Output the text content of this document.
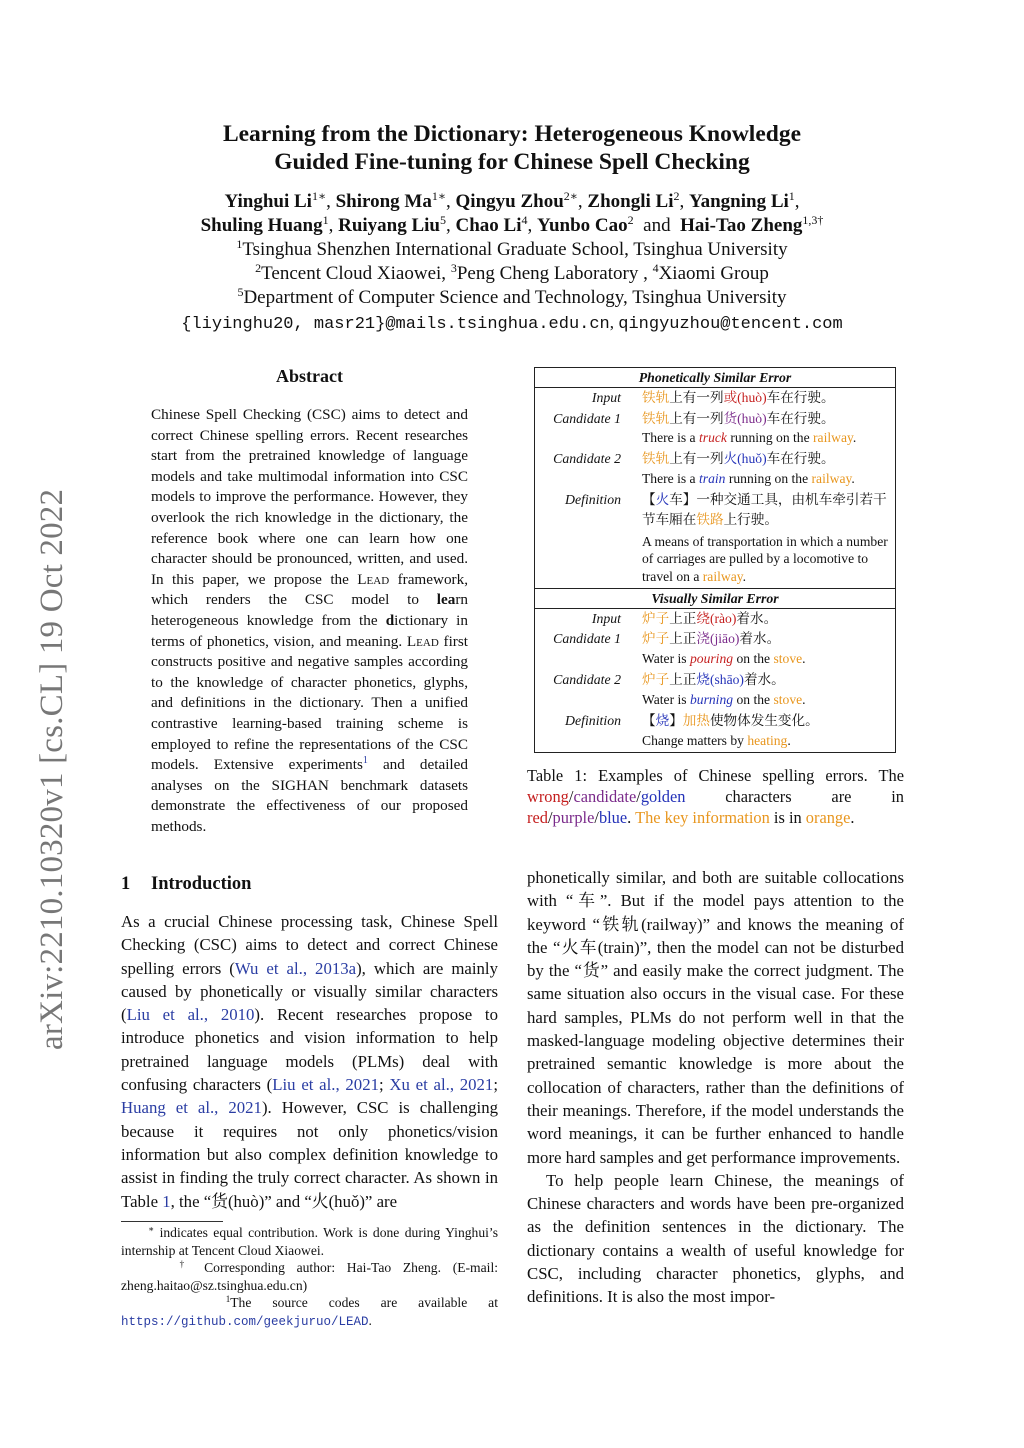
arXiv:2210.10320v1 [cs.CL] 19 Oct 2022
Learning from the Dictionary: Heterogeneous Knowledge
Guided Fine-tuning for Chinese Spell Checking
Yinghui $Li^{1∗}$, Shirong $Ma^{1∗}$, Qingyu Zhou$^{2∗}$, Zhongli Li$^2$, Yangning Li$^1$,
Shuling Huang$^1$, Ruiyang Liu$^5$, Chao Li$^4$, Yunbo Cao$^2$ and Hai-Tao Zheng$^{1,3\dagger}$
$^1$Tsinghua Shenzhen International Graduate School, Tsinghua University
$^2$Tencent Cloud Xiaowei, $^3$Peng Cheng Laboratory , $^4$Xiaomi Group
$^5$Department of Computer Science and Technology, Tsinghua University
{liyinghu20, masr21}@mails.tsinghua.edu.cn, qingyuzhou@tencent.com
Abstract
Chinese Spell Checking (CSC) aims to detect and correct Chinese spelling errors. Recent researches start from the pretrained knowledge of language models and take multimodal information into CSC models to improve the performance. However, they overlook the rich knowledge in the dictionary, the reference book where one can learn how one character should be pronounced, written, and used. In this paper, we propose the Lead framework, which renders the CSC model to learn heterogeneous knowledge from the dictionary in terms of phonetics, vision, and meaning. Lead first constructs positive and negative samples according to the knowledge of character phonetics, glyphs, and definitions in the dictionary. Then a unified contrastive learning-based training scheme is employed to refine the representations of the CSC models. Extensive experiments$^1$ and detailed analyses on the SIGHAN benchmark datasets demonstrate the effectiveness of our proposed methods.
1 Introduction
As a crucial Chinese processing task, Chinese Spell Checking (CSC) aims to detect and correct Chinese spelling errors (Wu et al., 2013a), which are mainly caused by phonetically or visually similar characters (Liu et al., 2010). Recent researches propose to introduce phonetics and vision information to help pretrained language models (PLMs) deal with confusing characters (Liu et al., 2021; Xu et al., 2021; Huang et al., 2021). However, CSC is challenging because it requires not only phonetics/vision information but also complex definition knowledge to assist in finding the truly correct character. As shown in Table 1, the “货(huò)” and “火(huǒ)” are

∗ indicates equal contribution. Work is done during Yinghui’s internship at Tencent Cloud Xiaowei.

† Corresponding author: Hai-Tao Zheng. (E-mail: zheng.haitao@sz.tsinghua.edu.cn)

$^1$The source codes are available at https://github.com/geekjuruo/LEAD.

Phonetically Similar Error
Input	铁轨上有一列或(huò)车在行驶。
Candidate 1	铁轨上有一列货(huò)车在行驶。
There is a truck running on the railway.
Candidate 2	铁轨上有一列火(huǒ)车在行驶。
There is a train running on the railway.
Definition	【火车】一种交通工具，由机车牵引若干节车厢在铁路上行驶。
A means of transportation in which a number of carriages are pulled by a locomotive to travel on a railway.
Visually Similar Error
Input	炉子上正绕(rào)着水。
Candidate 1	炉子上正浇(jiāo)着水。
Water is pouring on the stove.
Candidate 2	炉子上正烧(shāo)着水。
Water is burning on the stove.
Definition	【烧】加热使物体发生变化。
Change matters by heating.
Table 1: Examples of Chinese spelling errors. The wrong/candidate/golden characters are in red/purple/blue. The key information is in orange.

phonetically similar, and both are suitable collocations with “车”. But if the model pays attention to the keyword “铁轨(railway)” and knows the meaning of the “火车(train)”, then the model can not be disturbed by the “货” and easily make the correct judgment. The same situation also occurs in the visual case. For these hard samples, PLMs do not perform well in that the masked-language modeling objective determines their pretrained semantic knowledge is more about the collocation of characters, rather than the definitions of their meanings. Therefore, if the model understands the word meanings, it can be further enhanced to handle more hard samples and get performance improvements.

To help people learn Chinese, the meanings of Chinese characters and words have been pre-organized as the definition sentences in the dictionary. The dictionary contains a wealth of useful knowledge for CSC, including character phonetics, glyphs, and definitions. It is also the most impor-
